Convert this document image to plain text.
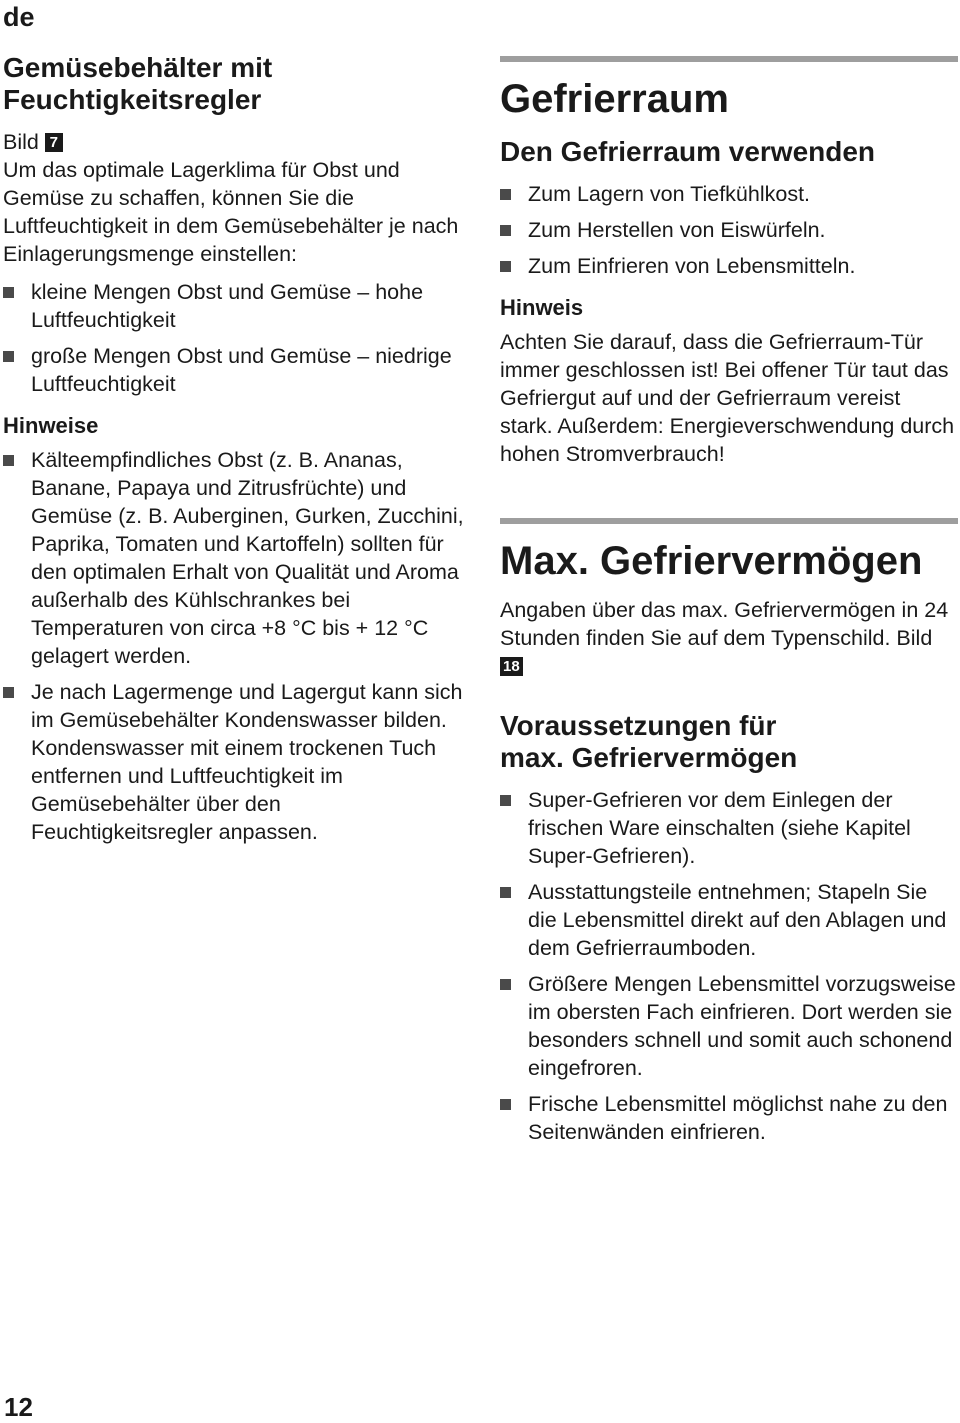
de
Gemüsebehälter mit
Feuchtigkeitsregler

Bild 7

Um das optimale Lagerklima für Obst und Gemüse zu schaffen, können Sie die Luftfeuchtigkeit in dem Gemüsebehälter je nach Einlagerungsmenge einstellen:

kleine Mengen Obst und Gemüse – hohe Luftfeuchtigkeit
große Mengen Obst und Gemüse – niedrige Luftfeuchtigkeit
Hinweise
Kälteempfindliches Obst (z. B. Ananas, Banane, Papaya und Zitrusfrüchte) und Gemüse (z. B. Auberginen, Gurken, Zucchini, Paprika, Tomaten und Kartoffeln) sollten für den optimalen Erhalt von Qualität und Aroma außerhalb des Kühlschrankes bei Temperaturen von circa +8 °C bis + 12 °C gelagert werden.
Je nach Lagermenge und Lagergut kann sich im Gemüsebehälter Kondenswasser bilden. Kondenswasser mit einem trockenen Tuch entfernen und Luftfeuchtigkeit im Gemüsebehälter über den Feuchtigkeitsregler anpassen.
Gefrierraum
Den Gefrierraum verwenden
Zum Lagern von Tiefkühlkost.
Zum Herstellen von Eiswürfeln.
Zum Einfrieren von Lebensmitteln.
Hinweis

Achten Sie darauf, dass die Gefrierraum-Tür immer geschlossen ist! Bei offener Tür taut das Gefriergut auf und der Gefrierraum vereist stark. Außerdem: Energieverschwendung durch hohen Stromverbrauch!

Max. Gefriervermögen

Angaben über das max. Gefriervermögen in 24 Stunden finden Sie auf dem Typenschild. Bild 18

Voraussetzungen für
max. Gefriervermögen
Super-Gefrieren vor dem Einlegen der frischen Ware einschalten (siehe Kapitel Super-Gefrieren).
Ausstattungsteile entnehmen; Stapeln Sie die Lebensmittel direkt auf den Ablagen und dem Gefrierraumboden.
Größere Mengen Lebensmittel vorzugsweise im obersten Fach einfrieren. Dort werden sie besonders schnell und somit auch schonend eingefroren.
Frische Lebensmittel möglichst nahe zu den Seitenwänden einfrieren.
12
